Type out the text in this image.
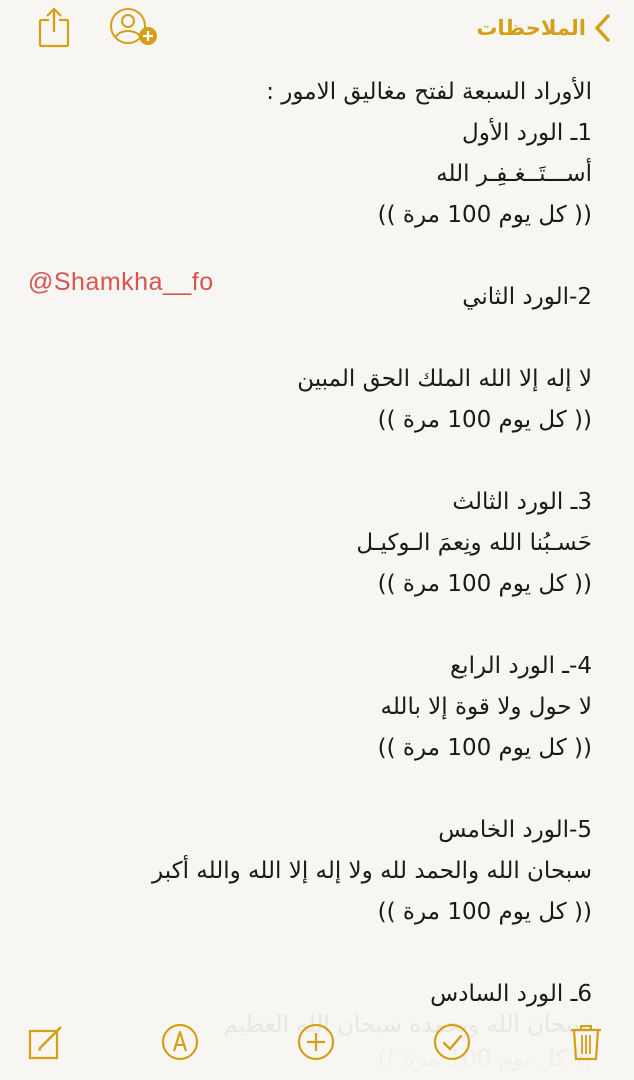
الملاحظات
@Shamkha__fo
الأوراد السبعة لفتح مغاليق الامور :
1ـ الورد الأول
أســـتَــغـفِـر الله
(( كل يوم 100 مرة ))
2-الورد الثاني
لا إله إلا الله الملك الحق المبين
(( كل يوم 100 مرة ))
3ـ الورد الثالث
حَسـبُنا الله ونِعمَ الـوكيـل
(( كل يوم 100 مرة ))
4-ـ الورد الرابع
لا حول ولا قوة إلا بالله
(( كل يوم 100 مرة ))
5-الورد الخامس
سبحان الله والحمد لله ولا إله إلا الله والله أكبر
(( كل يوم 100 مرة ))
6ـ الورد السادس
